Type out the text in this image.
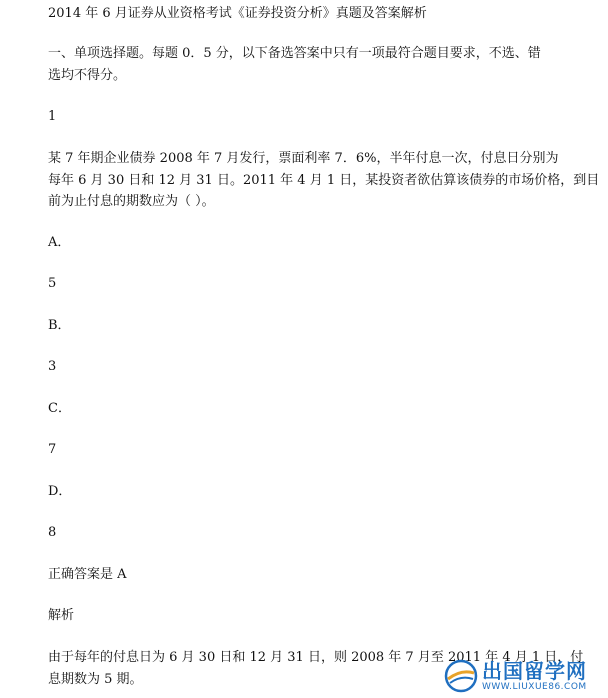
2014 年 6 月证券从业资格考试《证券投资分析》真题及答案解析
一、单项选择题。每题 0．5 分，以下备选答案中只有一项最符合题目要求，不选、错
选均不得分。
1
某 7 年期企业债券 2008 年 7 月发行，票面利率 7．6%，半年付息一次，付息日分别为
每年 6 月 30 日和 12 月 31 日。2011 年 4 月 1 日，某投资者欲估算该债券的市场价格，到目
前为止付息的期数应为（ ）。
A．
5
B．
3
C．
7
D．
8
正确答案是 A
解析
由于每年的付息日为 6 月 30 日和 12 月 31 日，则 2008 年 7 月至 2011 年 4 月 1 日，付
息期数为 5 期。	出国留学网
WWW.LIUXUE86.COM
